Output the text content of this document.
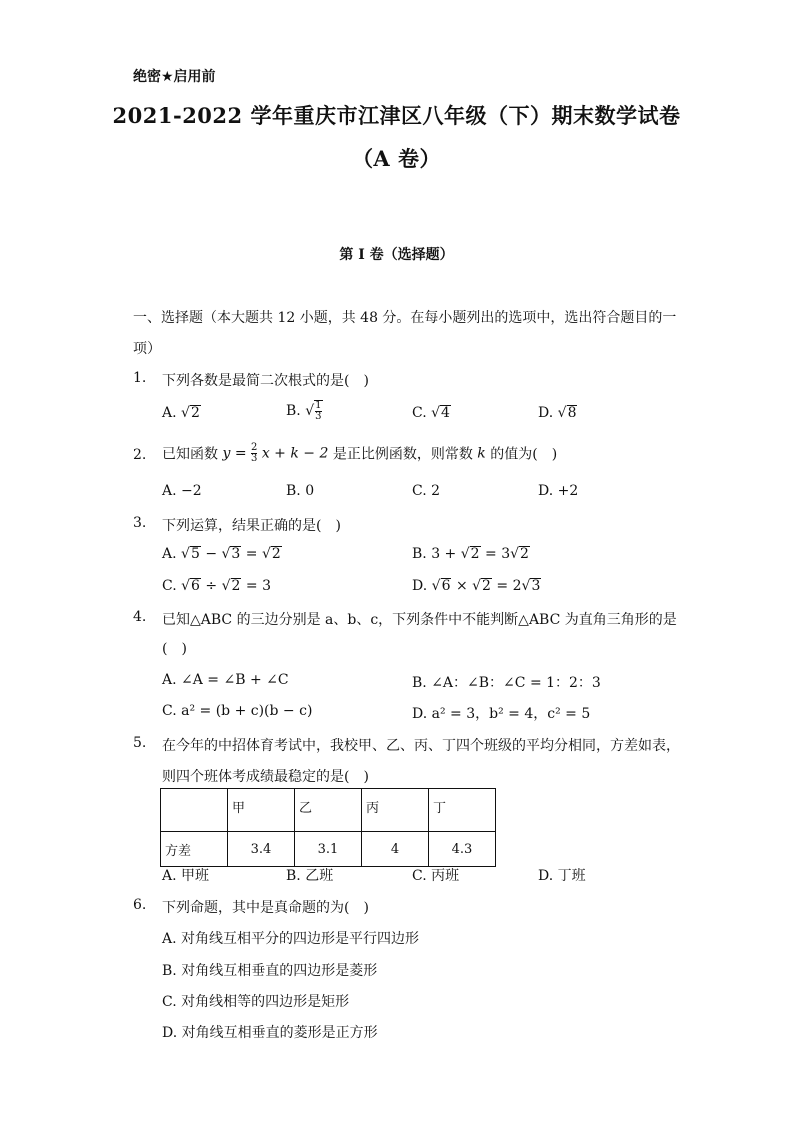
绝密★启用前
2021-2022 学年重庆市江津区八年级（下）期末数学试卷
（A 卷）
第 I 卷（选择题）
一、选择题（本大题共 12 小题，共 48 分。在每小题列出的选项中，选出符合题目的一
项）
1. 下列各数是最简二次根式的是(  )
A. √2	B. √ $\frac{1}{3}$	C. √4	D. √8
2. 已知函数 $y = \frac{2}{3}$ x + k − 2 是正比例函数，则常数 k 的值为(  )
A. −2	B. 0	C. 2	D. +2
3. 下列运算，结果正确的是(  )
A. √5 − √3 = √2	B. 3 + √2 = 3√2
C. √6 ÷ √2 = 3	D. √6 × √2 = 2√3
4. 已知△ABC 的三边分别是 a、b、c，下列条件中不能判断△ABC 为直角三角形的是
(  )
A. ∠A = ∠B + ∠C	B. ∠A：∠B：∠C = 1：2：3
C. a² = (b + c)(b − c)	D. a² = 3，b² = 4，c² = 5
5. 在今年的中招体育考试中，我校甲、乙、丙、丁四个班级的平均分相同，方差如表，
则四个班体考成绩最稳定的是(  )
	甲	乙	丙	丁
方差	3.4	3.1	4	4.3
A. 甲班	B. 乙班	C. 丙班	D. 丁班
6. 下列命题，其中是真命题的为(  )
A. 对角线互相平分的四边形是平行四边形
B. 对角线互相垂直的四边形是菱形
C. 对角线相等的四边形是矩形
D. 对角线互相垂直的菱形是正方形
